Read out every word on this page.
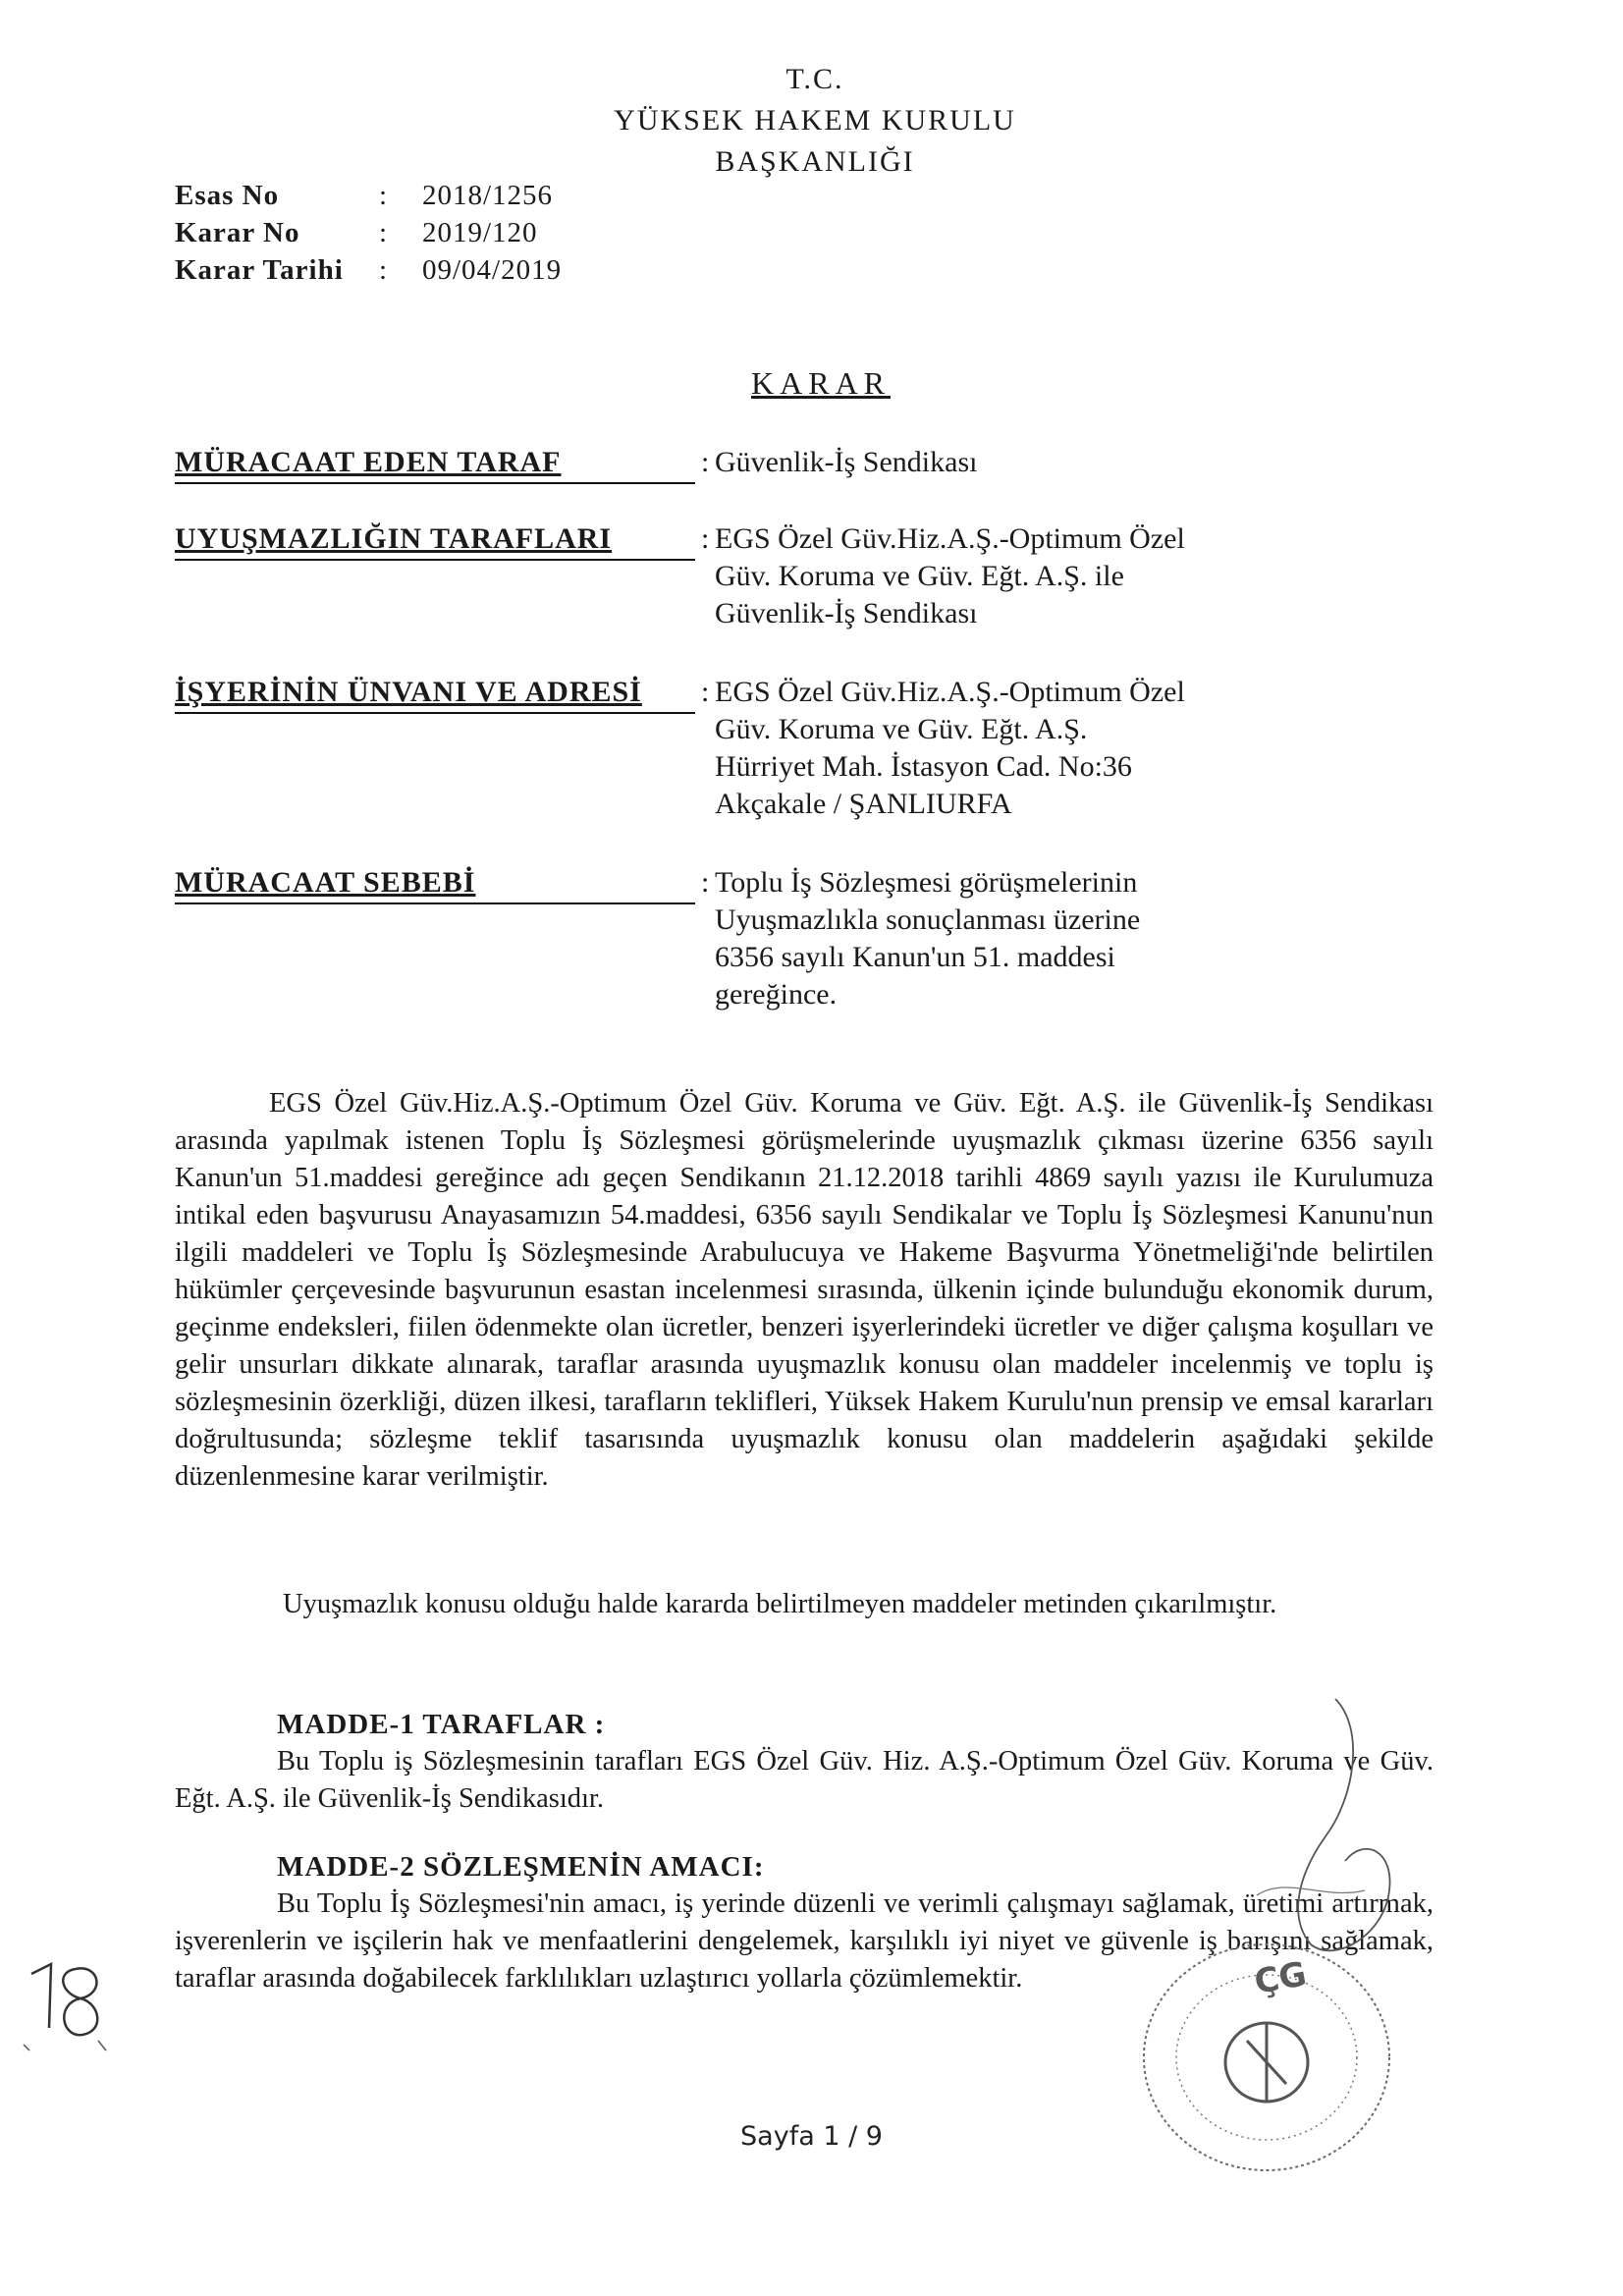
T.C.
YÜKSEK HAKEM KURULU
BAŞKANLIĞI
Esas No	:	2018/1256
Karar No	:	2019/120
Karar Tarihi	:	09/04/2019
KARAR
MÜRACAAT EDEN TARAF	: Güvenlik-İş Sendikası
UYUŞMAZLIĞIN TARAFLARI	: EGS Özel Güv.Hiz.A.Ş.-Optimum Özel
Güv. Koruma ve Güv. Eğt. A.Ş. ile
Güvenlik-İş Sendikası
İŞYERİNİN ÜNVANI VE ADRESİ	: EGS Özel Güv.Hiz.A.Ş.-Optimum Özel
Güv. Koruma ve Güv. Eğt. A.Ş.
Hürriyet Mah. İstasyon Cad. No:36
Akçakale / ŞANLIURFA
MÜRACAAT SEBEBİ	: Toplu İş Sözleşmesi görüşmelerinin
Uyuşmazlıkla sonuçlanması üzerine
6356 sayılı Kanun'un 51. maddesi
gereğince.
EGS Özel Güv.Hiz.A.Ş.-Optimum Özel Güv. Koruma ve Güv. Eğt. A.Ş. ile Güvenlik-İş Sendikası arasında yapılmak istenen Toplu İş Sözleşmesi görüşmelerinde uyuşmazlık çıkması üzerine 6356 sayılı Kanun'un 51.maddesi gereğince adı geçen Sendikanın 21.12.2018 tarihli 4869 sayılı yazısı ile Kurulumuza intikal eden başvurusu Anayasamızın 54.maddesi, 6356 sayılı Sendikalar ve Toplu İş Sözleşmesi Kanunu'nun ilgili maddeleri ve Toplu İş Sözleşmesinde Arabulucuya ve Hakeme Başvurma Yönetmeliği'nde belirtilen hükümler çerçevesinde başvurunun esastan incelenmesi sırasında, ülkenin içinde bulunduğu ekonomik durum, geçinme endeksleri, fiilen ödenmekte olan ücretler, benzeri işyerlerindeki ücretler ve diğer çalışma koşulları ve gelir unsurları dikkate alınarak, taraflar arasında uyuşmazlık konusu olan maddeler incelenmiş ve toplu iş sözleşmesinin özerkliği, düzen ilkesi, tarafların teklifleri, Yüksek Hakem Kurulu'nun prensip ve emsal kararları doğrultusunda; sözleşme teklif tasarısında uyuşmazlık konusu olan maddelerin aşağıdaki şekilde düzenlenmesine karar verilmiştir.
Uyuşmazlık konusu olduğu halde kararda belirtilmeyen maddeler metinden çıkarılmıştır.
MADDE-1 TARAFLAR :
Bu Toplu iş Sözleşmesinin tarafları EGS Özel Güv. Hiz. A.Ş.-Optimum Özel Güv. Koruma ve Güv. Eğt. A.Ş. ile Güvenlik-İş Sendikasıdır.
MADDE-2 SÖZLEŞMENİN AMACI:
Bu Toplu İş Sözleşmesi'nin amacı, iş yerinde düzenli ve verimli çalışmayı sağlamak, üretimi artırmak, işverenlerin ve işçilerin hak ve menfaatlerini dengelemek, karşılıklı iyi niyet ve güvenle iş barışını sağlamak, taraflar arasında doğabilecek farklılıkları uzlaştırıcı yollarla çözümlemektir.
Sayfa 1 / 9
ÇG
